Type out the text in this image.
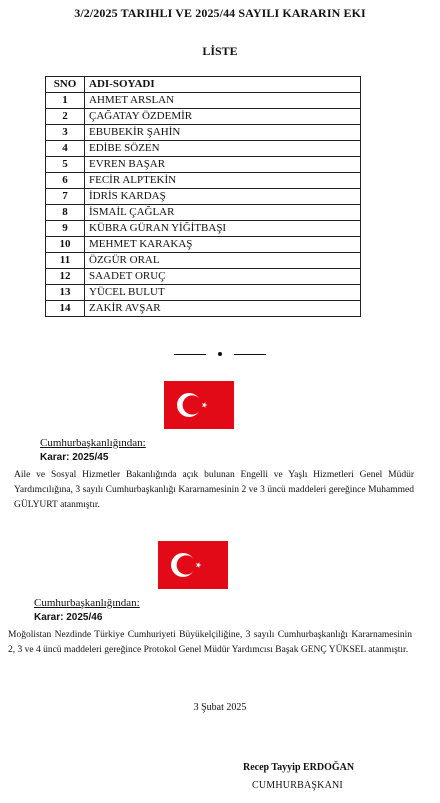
3/2/2025 TARIHLI VE 2025/44 SAYILI KARARIN EKI
LİSTE
SNO	ADI-SOYADI
1	AHMET ARSLAN
2	ÇAĞATAY ÖZDEMİR
3	EBUBEKİR ŞAHİN
4	EDİBE SÖZEN
5	EVREN BAŞAR
6	FECİR ALPTEKİN
7	İDRİS KARDAŞ
8	İSMAİL ÇAĞLAR
9	KÜBRA GÜRAN YİĞİTBAŞI
10	MEHMET KARAKAŞ
11	ÖZGÜR ORAL
12	SAADET ORUÇ
13	YÜCEL BULUT
14	ZAKİR AVŞAR
Cumhurbaşkanlığından:
Karar: 2025/45
Aile ve Sosyal Hizmetler Bakanlığında açık bulunan Engelli ve Yaşlı Hizmetleri Genel Müdür Yardımcılığına, 3 sayılı Cumhurbaşkanlığı Kararnamesinin 2 ve 3 üncü maddeleri gereğince Muhammed GÜLYURT atanmıştır.
Cumhurbaşkanlığından:
Karar: 2025/46
Moğolistan Nezdinde Türkiye Cumhuriyeti Büyükelçiliğine, 3 sayılı Cumhurbaşkanlığı Kararnamesinin 2, 3 ve 4 üncü maddeleri gereğince Protokol Genel Müdür Yardımcısı Başak GENÇ YÜKSEL atanmıştır.
3 Şubat 2025
Recep Tayyip ERDOĞAN
CUMHURBAŞKANI
